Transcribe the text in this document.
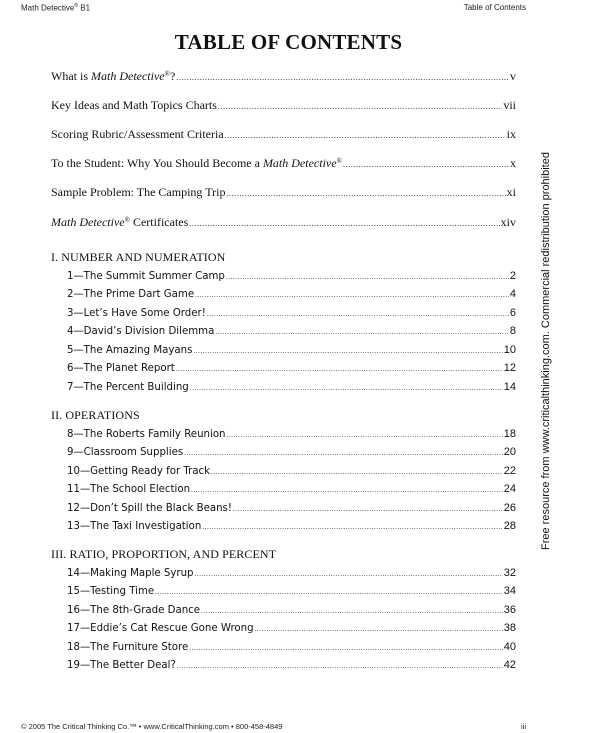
Math Detective® B1	Table of Contents
TABLE OF CONTENTS
What is Math Detective®? .....	v
Key Ideas and Math Topics Charts .....	vii
Scoring Rubric/Assessment Criteria .....	ix
To the Student: Why You Should Become a Math Detective® .....	x
Sample Problem: The Camping Trip .....	xi
Math Detective® Certificates .....	xiv
I. NUMBER AND NUMERATION
1—The Summit Summer Camp .....	2
2—The Prime Dart Game .....	4
3—Let’s Have Some Order! .....	6
4—David’s Division Dilemma .....	8
5—The Amazing Mayans .....	10
6—The Planet Report .....	12
7—The Percent Building .....	14
II. OPERATIONS
8—The Roberts Family Reunion .....	18
9—Classroom Supplies .....	20
10—Getting Ready for Track .....	22
11—The School Election .....	24
12—Don’t Spill the Black Beans! .....	26
13—The Taxi Investigation .....	28
III. RATIO, PROPORTION, AND PERCENT
14—Making Maple Syrup .....	32
15—Testing Time .....	34
16—The 8th-Grade Dance .....	36
17—Eddie’s Cat Rescue Gone Wrong .....	38
18—The Furniture Store .....	40
19—The Better Deal? .....	42
Free resource from www.criticalthinking.com. Commercial redistribution prohibited
© 2005 The Critical Thinking Co.™ • www.CriticalThinking.com • 800-458-4849	iii
